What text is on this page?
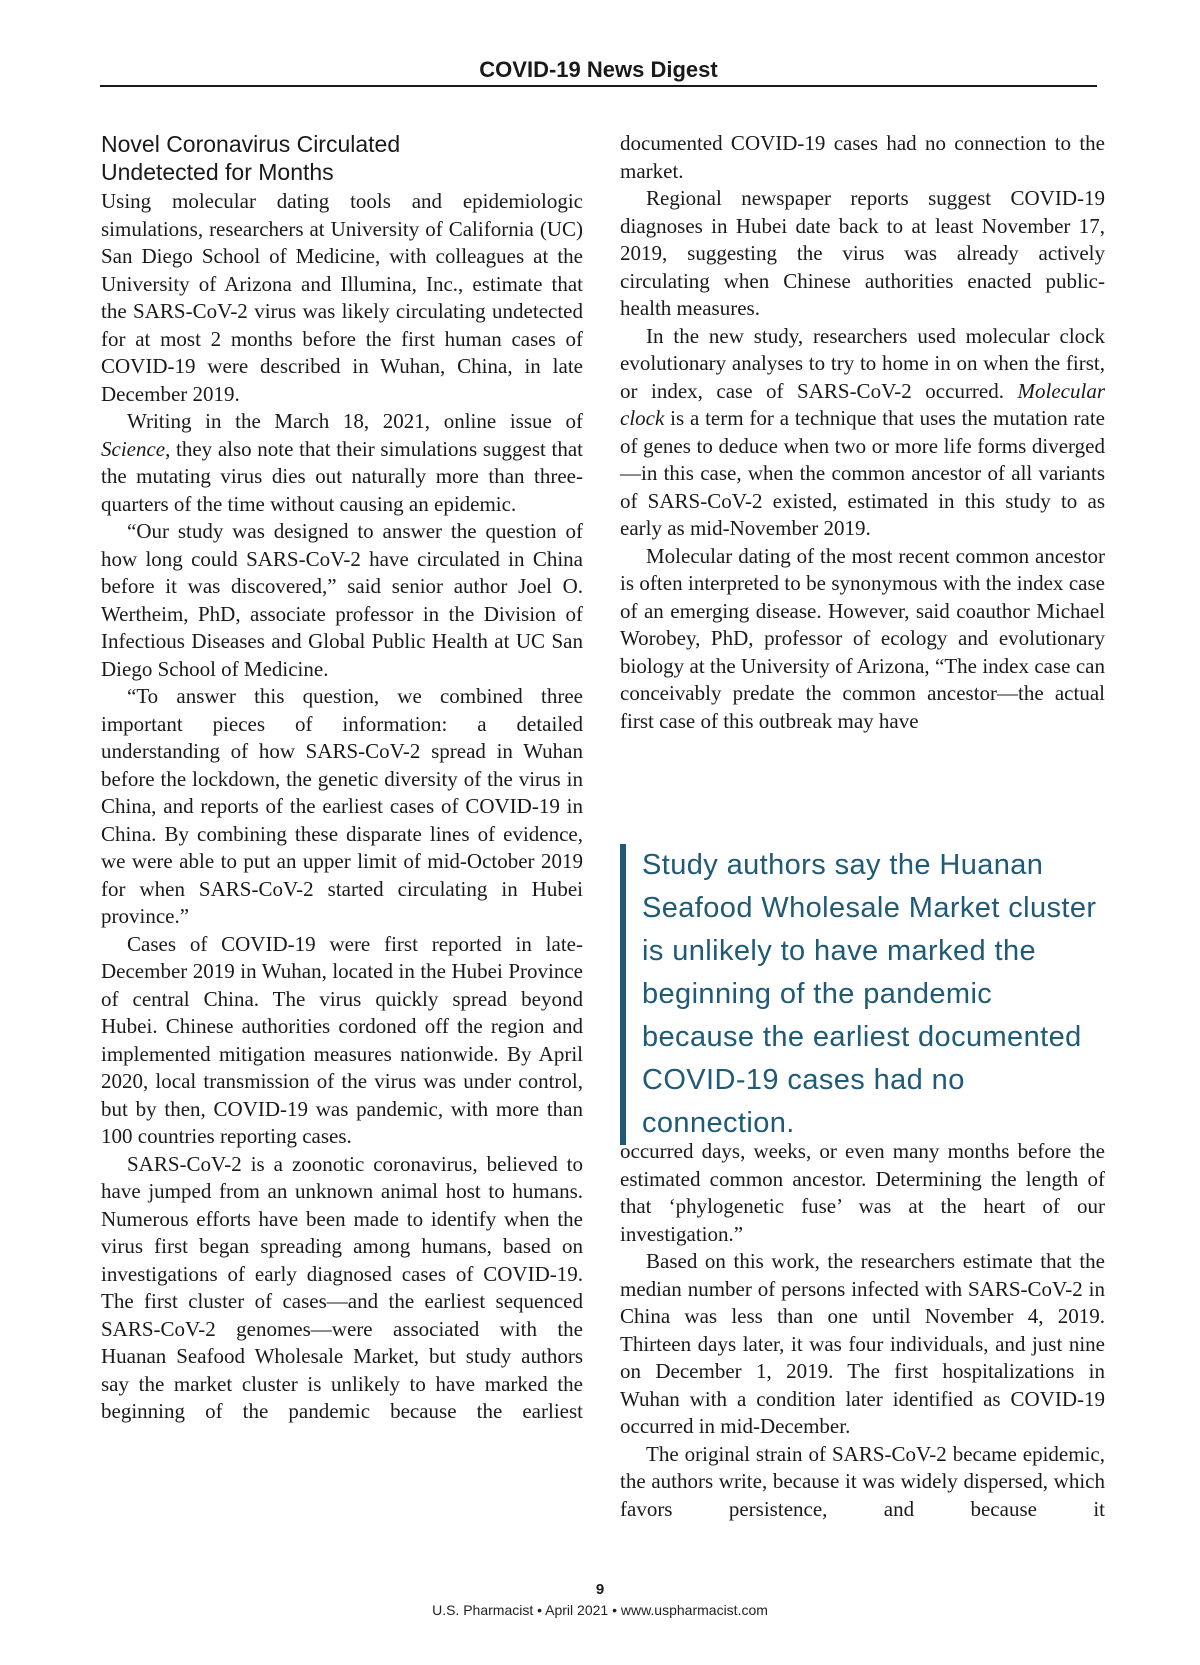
COVID-19 News Digest
Novel Coronavirus Circulated Undetected for Months

Using molecular dating tools and epidemiologic simulations, researchers at University of California (UC) San Diego School of Medicine, with colleagues at the University of Arizona and Illumina, Inc., estimate that the SARS-CoV-2 virus was likely circulating undetected for at most 2 months before the first human cases of COVID-19 were described in Wuhan, China, in late December 2019.

Writing in the March 18, 2021, online issue of Science, they also note that their simulations suggest that the mutating virus dies out naturally more than three-quarters of the time without causing an epidemic.

“Our study was designed to answer the question of how long could SARS-CoV-2 have circulated in China before it was discovered,” said senior author Joel O. Wertheim, PhD, associate professor in the Division of Infectious Diseases and Global Public Health at UC San Diego School of Medicine.

“To answer this question, we combined three important pieces of information: a detailed understanding of how SARS-CoV-2 spread in Wuhan before the lockdown, the genetic diversity of the virus in China, and reports of the earliest cases of COVID-19 in China. By combining these disparate lines of evidence, we were able to put an upper limit of mid-October 2019 for when SARS-CoV-2 started circulating in Hubei province.”

Cases of COVID-19 were first reported in late-December 2019 in Wuhan, located in the Hubei Province of central China. The virus quickly spread beyond Hubei. Chinese authorities cordoned off the region and implemented mitigation measures nationwide. By April 2020, local transmission of the virus was under control, but by then, COVID-19 was pandemic, with more than 100 countries reporting cases.

SARS-CoV-2 is a zoonotic coronavirus, believed to have jumped from an unknown animal host to humans. Numerous efforts have been made to identify when the virus first began spreading among humans, based on investigations of early diagnosed cases of COVID-19. The first cluster of cases—and the earliest sequenced SARS-CoV-2 genomes—were associated with the Huanan Seafood Wholesale Market, but study authors say the market cluster is unlikely to have marked the beginning of the pandemic because the earliest

documented COVID-19 cases had no connection to the market.

Regional newspaper reports suggest COVID-19 diagnoses in Hubei date back to at least November 17, 2019, suggesting the virus was already actively circulating when Chinese authorities enacted public-health measures.

In the new study, researchers used molecular clock evolutionary analyses to try to home in on when the first, or index, case of SARS-CoV-2 occurred. Molecular clock is a term for a technique that uses the mutation rate of genes to deduce when two or more life forms diverged—in this case, when the common ancestor of all variants of SARS-CoV-2 existed, estimated in this study to as early as mid-November 2019.

Molecular dating of the most recent common ancestor is often interpreted to be synonymous with the index case of an emerging disease. However, said coauthor Michael Worobey, PhD, professor of ecology and evolutionary biology at the University of Arizona, “The index case can conceivably predate the common ancestor—the actual first case of this outbreak may have

Study authors say the Huanan Seafood Wholesale Market cluster is unlikely to have marked the beginning of the pandemic because the earliest documented COVID-19 cases had no connection.

occurred days, weeks, or even many months before the estimated common ancestor. Determining the length of that ‘phylogenetic fuse’ was at the heart of our investigation.”

Based on this work, the researchers estimate that the median number of persons infected with SARS-CoV-2 in China was less than one until November 4, 2019. Thirteen days later, it was four individuals, and just nine on December 1, 2019. The first hospitalizations in Wuhan with a condition later identified as COVID-19 occurred in mid-December.

The original strain of SARS-CoV-2 became epidemic, the authors write, because it was widely dispersed, which favors persistence, and because it

9
U.S. Pharmacist • April 2021 • www.uspharmacist.com
